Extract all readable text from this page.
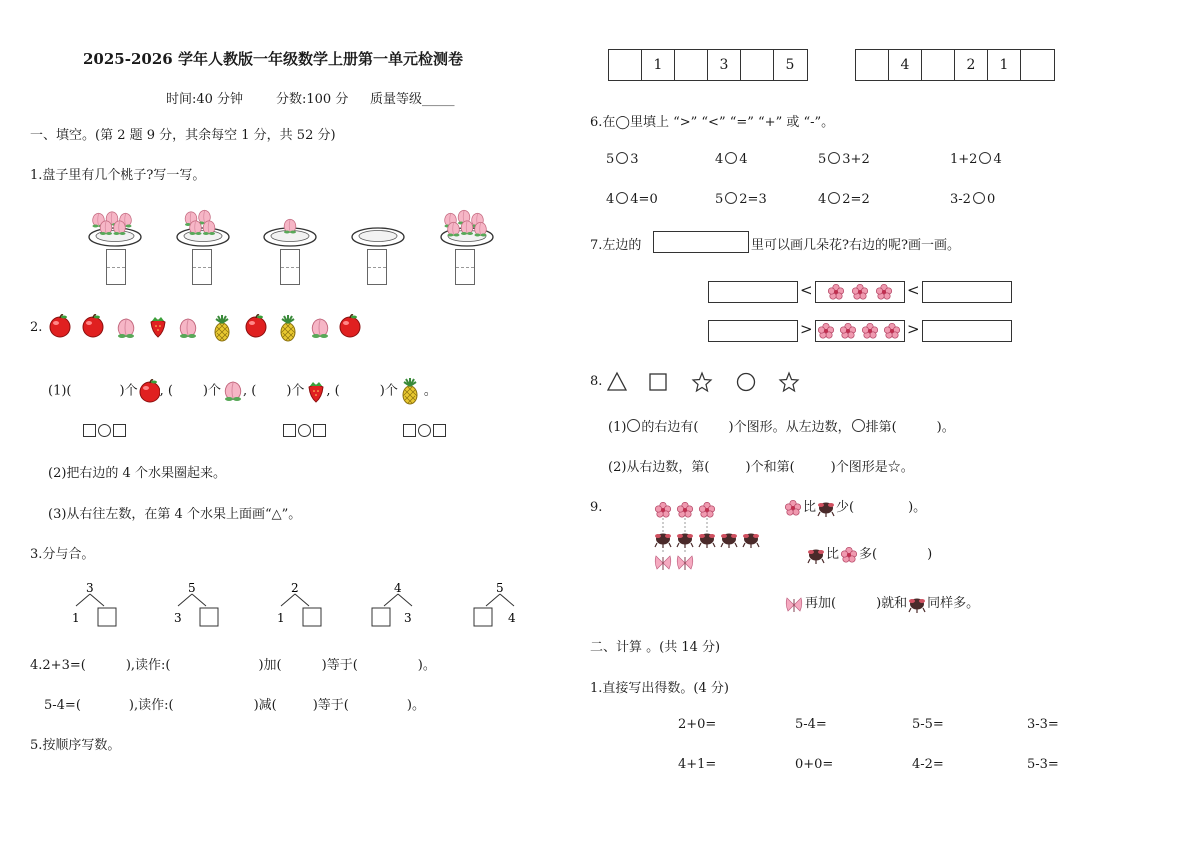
2025-2026 学年人教版一年级数学上册第一单元检测卷
时间:40 分钟	分数:100 分 质量等级_____
一、填空。(第 2 题 9 分，其余每空 1 分，共 52 分)
1.盘子里有几个桃子?写一写。
2.
(1)(	)个 , ( )个 , ( )个 , (	)个 。
(2)把右边的 4 个水果圈起来。
(3)从右往左数，在第 4 个水果上面画“△”。
3.分与合。
3
1
5
3
2
1
4
3
5
4
4.2+3=(	),读作:(	)加(	)等于(	)。
5-4=(	),读作:(	)减(	)等于(	)。
5.按顺序写数。
1	3	5	4	2	1
6.在◯里填上 “>” “<” “=” “+” 或 “-”。
5 3	4 4	5 3+2	1+2 4
4 4=0	5 2=3	4 2=2	3-2 0
7.左边的	里可以画几朵花?右边的呢?画一画。
<	<
>	>
8.
(1) 的右边有( )个图形。从左边数， 排第(	)。
(2)从右边数，第(	)个和第(	)个图形是☆。
9.	比 少(	)。
比 多(	)
再加(	)就和 同样多。
二、计算 。(共 14 分)
1.直接写出得数。(4 分)
2+0=	5-4=	5-5=	3-3=
4+1=	0+0=	4-2=	5-3=
